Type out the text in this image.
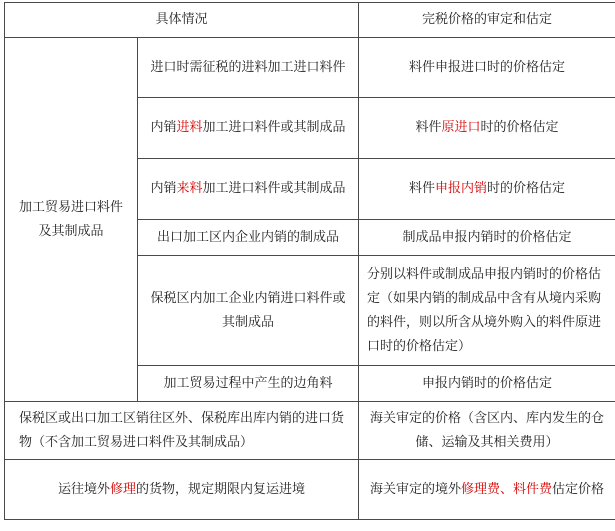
具体情况		完税价格的审定和估定
加工贸易进口料件及其制成品	进口时需征税的进料加工进口料件	料件申报进口时的价格估定
	内销进料加工进口料件或其制成品	料件原进口时的价格估定
	内销来料加工进口料件或其制成品	料件申报内销时的价格估定
	出口加工区内企业内销的制成品	制成品申报内销时的价格估定
	保税区内加工企业内销进口料件或其制成品	分别以料件或制成品申报内销时的价格估定（如果内销的制成品中含有从境内采购的料件，则以所含从境外购入的料件原进口时的价格估定）
	加工贸易过程中产生的边角料	申报内销时的价格估定
保税区或出口加工区销往区外、保税库出库内销的进口货物（不含加工贸易进口料件及其制成品）		海关审定的价格（含区内、库内发生的仓储、运输及其相关费用）
运往境外修理的货物，规定期限内复运进境		海关审定的境外修理费、料件费估定价格
